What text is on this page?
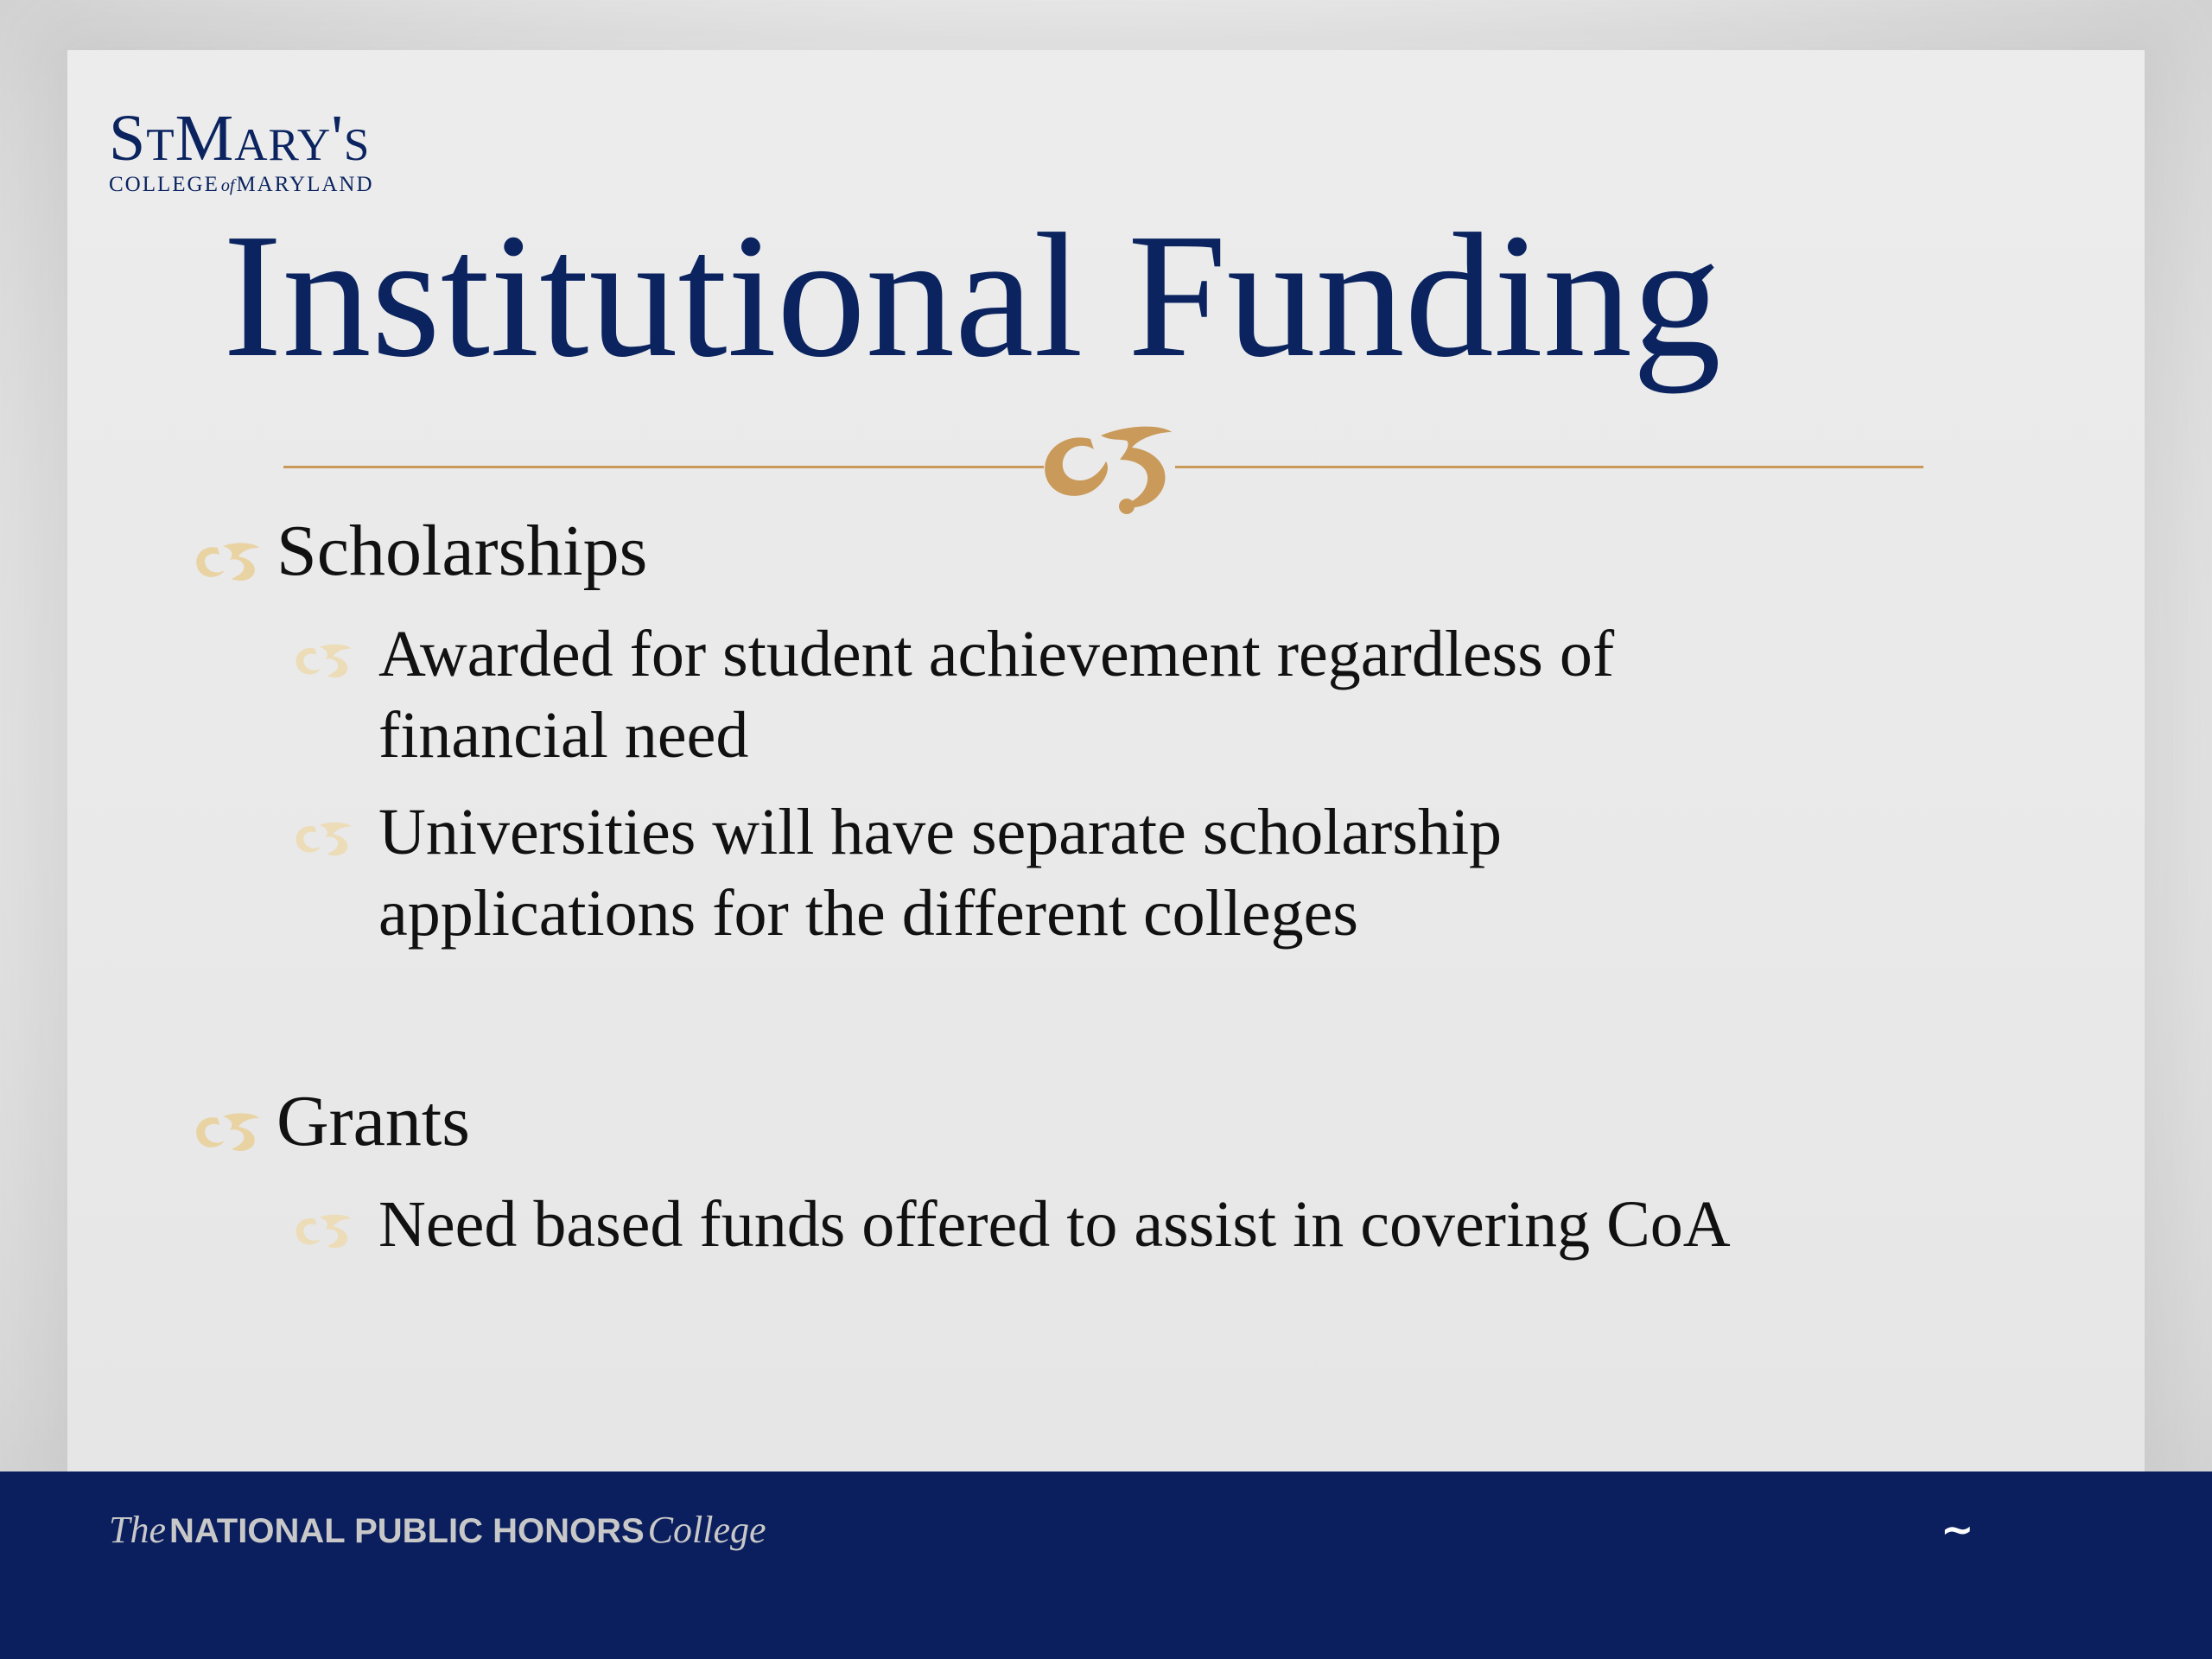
StMary's
COLLEGE ofMARYLAND
Institutional Funding
Scholarships
Awarded for student achievement regardless of
financial need
Universities will have separate scholarship
applications for the different colleges
Grants
Need based funds offered to assist in covering CoA
The NATIONAL PUBLIC HONORS College	~
